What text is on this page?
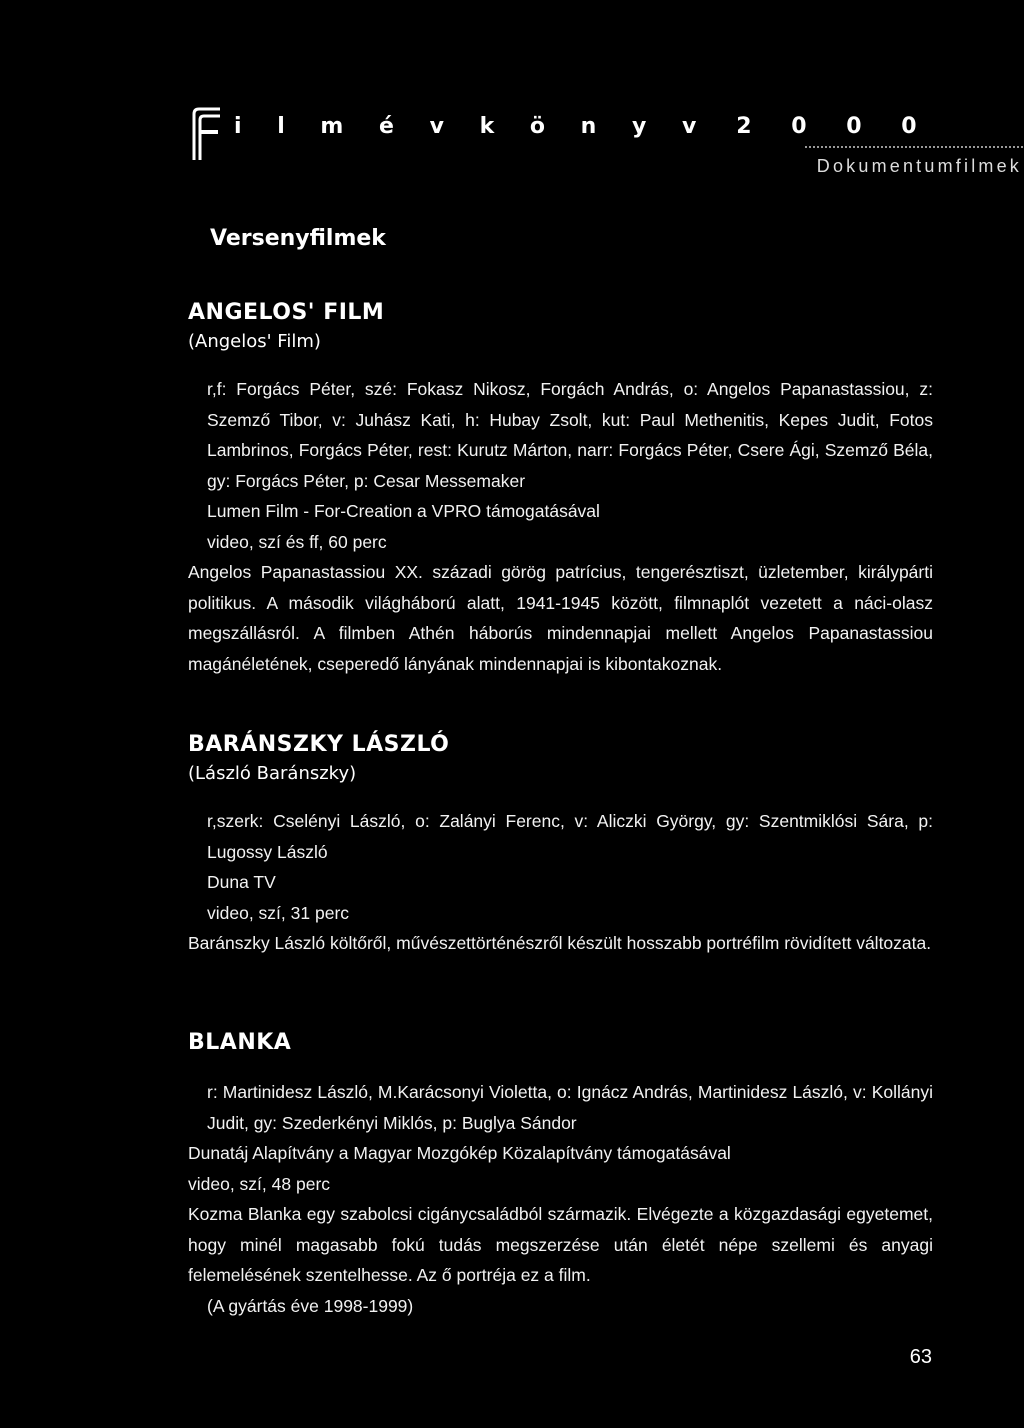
i l m é v k ö n y v 2 0 0 0
Dokumentumfilmek
Versenyfilmek

ANGELOS' FILM

(Angelos' Film)

r,f: Forgács Péter, szé: Fokasz Nikosz, Forgách András, o: Angelos Papanastassiou, z: Szemző Tibor, v: Juhász Kati, h: Hubay Zsolt, kut: Paul Methenitis, Kepes Judit, Fotos Lambrinos, Forgács Péter, rest: Kurutz Márton, narr: Forgács Péter, Csere Ági, Szemző Béla, gy: Forgács Péter, p: Cesar Messemaker

Lumen Film - For-Creation a VPRO támogatásával

video, szí és ff, 60 perc

Angelos Papanastassiou XX. századi görög patrícius, tengerésztiszt, üzletember, királypárti politikus. A második világháború alatt, 1941-1945 között, filmnaplót vezetett a náci-olasz megszállásról. A filmben Athén háborús mindennapjai mellett Angelos Papanastassiou magánéletének, cseperedő lányának mindennapjai is kibontakoznak.

BARÁNSZKY LÁSZLÓ

(László Baránszky)

r,szerk: Cselényi László, o: Zalányi Ferenc, v: Aliczki György, gy: Szentmiklósi Sára, p: Lugossy László

Duna TV

video, szí, 31 perc

Baránszky László költőről, művészettörténészről készült hosszabb portréfilm rövidített változata.

BLANKA

r: Martinidesz László, M.Karácsonyi Violetta, o: Ignácz András, Martinidesz László, v: Kollányi Judit, gy: Szederkényi Miklós, p: Buglya Sándor

Dunatáj Alapítvány a Magyar Mozgókép Közalapítvány támogatásával

video, szí, 48 perc

Kozma Blanka egy szabolcsi cigánycsaládból származik. Elvégezte a közgazdasági egyetemet, hogy minél magasabb fokú tudás megszerzése után életét népe szellemi és anyagi felemelésének szentelhesse. Az ő portréja ez a film.

(A gyártás éve 1998-1999)

63
